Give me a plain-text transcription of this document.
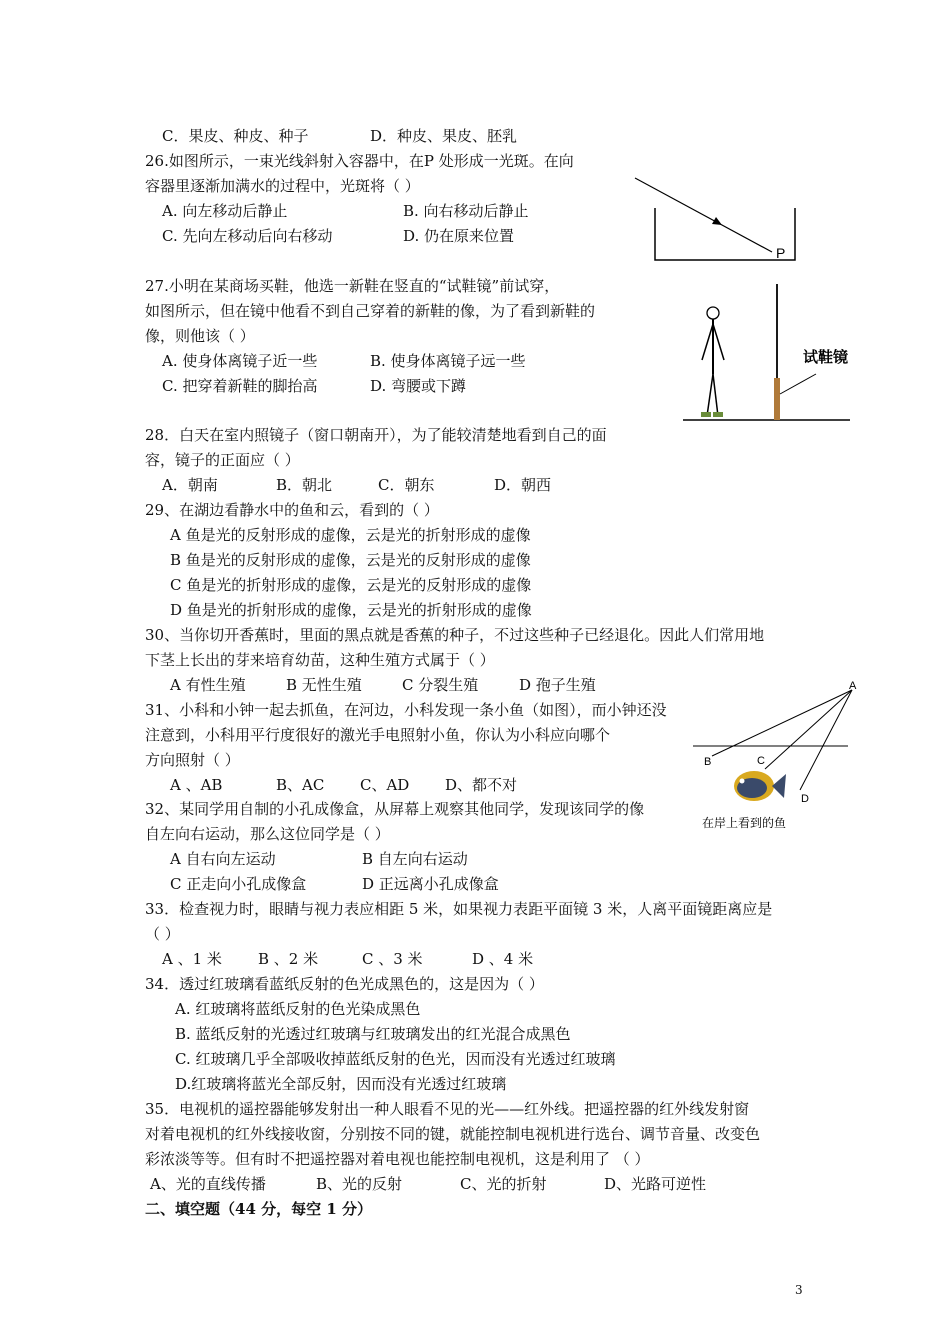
C．果皮、种皮、种子	D．种皮、果皮、胚乳
26.如图所示，一束光线斜射入容器中，在P 处形成一光斑。在向
容器里逐渐加满水的过程中，光斑将（ ）
A. 向左移动后静止	B. 向右移动后静止
C. 先向左移动后向右移动	D. 仍在原来位置
P
27.小明在某商场买鞋，他选一新鞋在竖直的“试鞋镜”前试穿，
如图所示，但在镜中他看不到自己穿着的新鞋的像，为了看到新鞋的
像，则他该（ ）
A. 使身体离镜子近一些	B. 使身体离镜子远一些
C. 把穿着新鞋的脚抬高	D. 弯腰或下蹲
试鞋镜
28．白天在室内照镜子（窗口朝南开），为了能较清楚地看到自己的面
容，镜子的正面应（ ）
A．朝南	B．朝北	C．朝东	D．朝西
29、在湖边看静水中的鱼和云，看到的（ ）
A 鱼是光的反射形成的虚像，云是光的折射形成的虚像
B 鱼是光的反射形成的虚像，云是光的反射形成的虚像
C 鱼是光的折射形成的虚像，云是光的反射形成的虚像
D 鱼是光的折射形成的虚像，云是光的折射形成的虚像
30、当你切开香蕉时，里面的黑点就是香蕉的种子，不过这些种子已经退化。因此人们常用地
下茎上长出的芽来培育幼苗，这种生殖方式属于（ ）
A 有性生殖	B 无性生殖	C 分裂生殖	D 孢子生殖
31、小科和小钟一起去抓鱼，在河边，小科发现一条小鱼（如图），而小钟还没
注意到，小科用平行度很好的激光手电照射小鱼，你认为小科应向哪个
方向照射（ ）
A 、AB	B、AC C、AD D、都不对
A
B	C
D
在岸上看到的鱼
32、某同学用自制的小孔成像盒，从屏幕上观察其他同学，发现该同学的像
自左向右运动，那么这位同学是（ ）
A 自右向左运动	B 自左向右运动
C 正走向小孔成像盒	D 正远离小孔成像盒
33．检查视力时，眼睛与视力表应相距 5 米，如果视力表距平面镜 3 米，人离平面镜距离应是
（ ）
A 、1 米 B 、2 米	C 、3 米	D 、4 米
34．透过红玻璃看蓝纸反射的色光成黑色的，这是因为（ ）
A. 红玻璃将蓝纸反射的色光染成黑色
B. 蓝纸反射的光透过红玻璃与红玻璃发出的红光混合成黑色
C. 红玻璃几乎全部吸收掉蓝纸反射的色光，因而没有光透过红玻璃
D.红玻璃将蓝光全部反射，因而没有光透过红玻璃
35．电视机的遥控器能够发射出一种人眼看不见的光——红外线。把遥控器的红外线发射窗
对着电视机的红外线接收窗，分别按不同的键，就能控制电视机进行选台、调节音量、改变色
彩浓淡等等。但有时不把遥控器对着电视也能控制电视机，这是利用了 （ ）
A、光的直线传播	B、光的反射	C、光的折射	D、光路可逆性
二、填空题（44 分，每空 1 分）
3
